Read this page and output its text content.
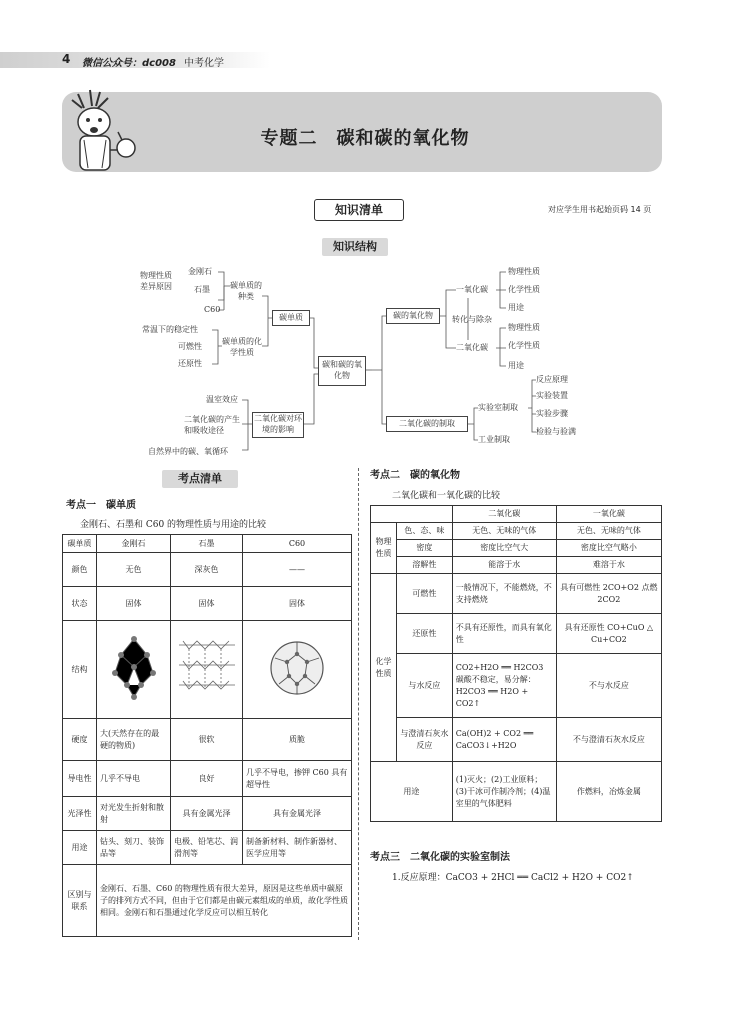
4 微信公众号：dc008 中考化学
专题二　碳和碳的氧化物
知识清单	对应学生用书起始页码 14 页
知识结构
物理性质
差异原因
金刚石
石墨
C60
碳单质的种类
碳单质
常温下的稳定性
可燃性
还原性
碳单质的化学性质
碳和碳的氧化物
温室效应
二氧化碳的产生和吸收途径
自然界中的碳、氧循环
二氧化碳对环境的影响
碳的氧化物
一氧化碳
转化与除杂
二氧化碳
物理性质
化学性质
用途
物理性质
化学性质
用途
二氧化碳的制取
实验室制取
工业制取
反应原理
实验装置
实验步骤
检验与验满
考点清单
考点一　碳单质
金刚石、石墨和 C60 的物理性质与用途的比较
碳单质	金刚石	石墨	C60
颜色	无色	深灰色	——
状态	固体	固体	固体
结构			
硬度	大(天然存在的最硬的物质)	很软	质脆
导电性	几乎不导电	良好	几乎不导电，掺钾 C60 具有超导性
光泽性	对光发生折射和散射	具有金属光泽	具有金属光泽
用途	钻头、刻刀、装饰品等	电极、铅笔芯、润滑剂等	制备新材料、制作新器材、医学应用等
区别与联系	金刚石、石墨、C60 的物理性质有很大差异，原因是这些单质中碳原子的排列方式不同，但由于它们都是由碳元素组成的单质，故化学性质相同。金刚石和石墨通过化学反应可以相互转化		
考点二　碳的氧化物
二氧化碳和一氧化碳的比较
		二氧化碳	一氧化碳
物理性质	色、态、味	无色、无味的气体	无色、无味的气体
	密度	密度比空气大	密度比空气略小
	溶解性	能溶于水	难溶于水
化学性质	可燃性	一般情况下，不能燃烧，不支持燃烧	具有可燃性 2CO+O2 点燃 2CO2
	还原性	不具有还原性，而具有氧化性	具有还原性 CO+CuO △ Cu+CO2
	与水反应	CO2+H2O ══ H2CO3 碳酸不稳定，易分解：H2CO3 ══ H2O + CO2↑	不与水反应
	与澄清石灰水反应	Ca(OH)2 + CO2 ══ CaCO3↓+H2O	不与澄清石灰水反应
用途		(1)灭火；(2)工业原料；(3)干冰可作制冷剂；(4)温室里的气体肥料	作燃料，冶炼金属
考点三　二氧化碳的实验室制法
1.反应原理：CaCO3 + 2HCl ══ CaCl2 + H2O + CO2↑
